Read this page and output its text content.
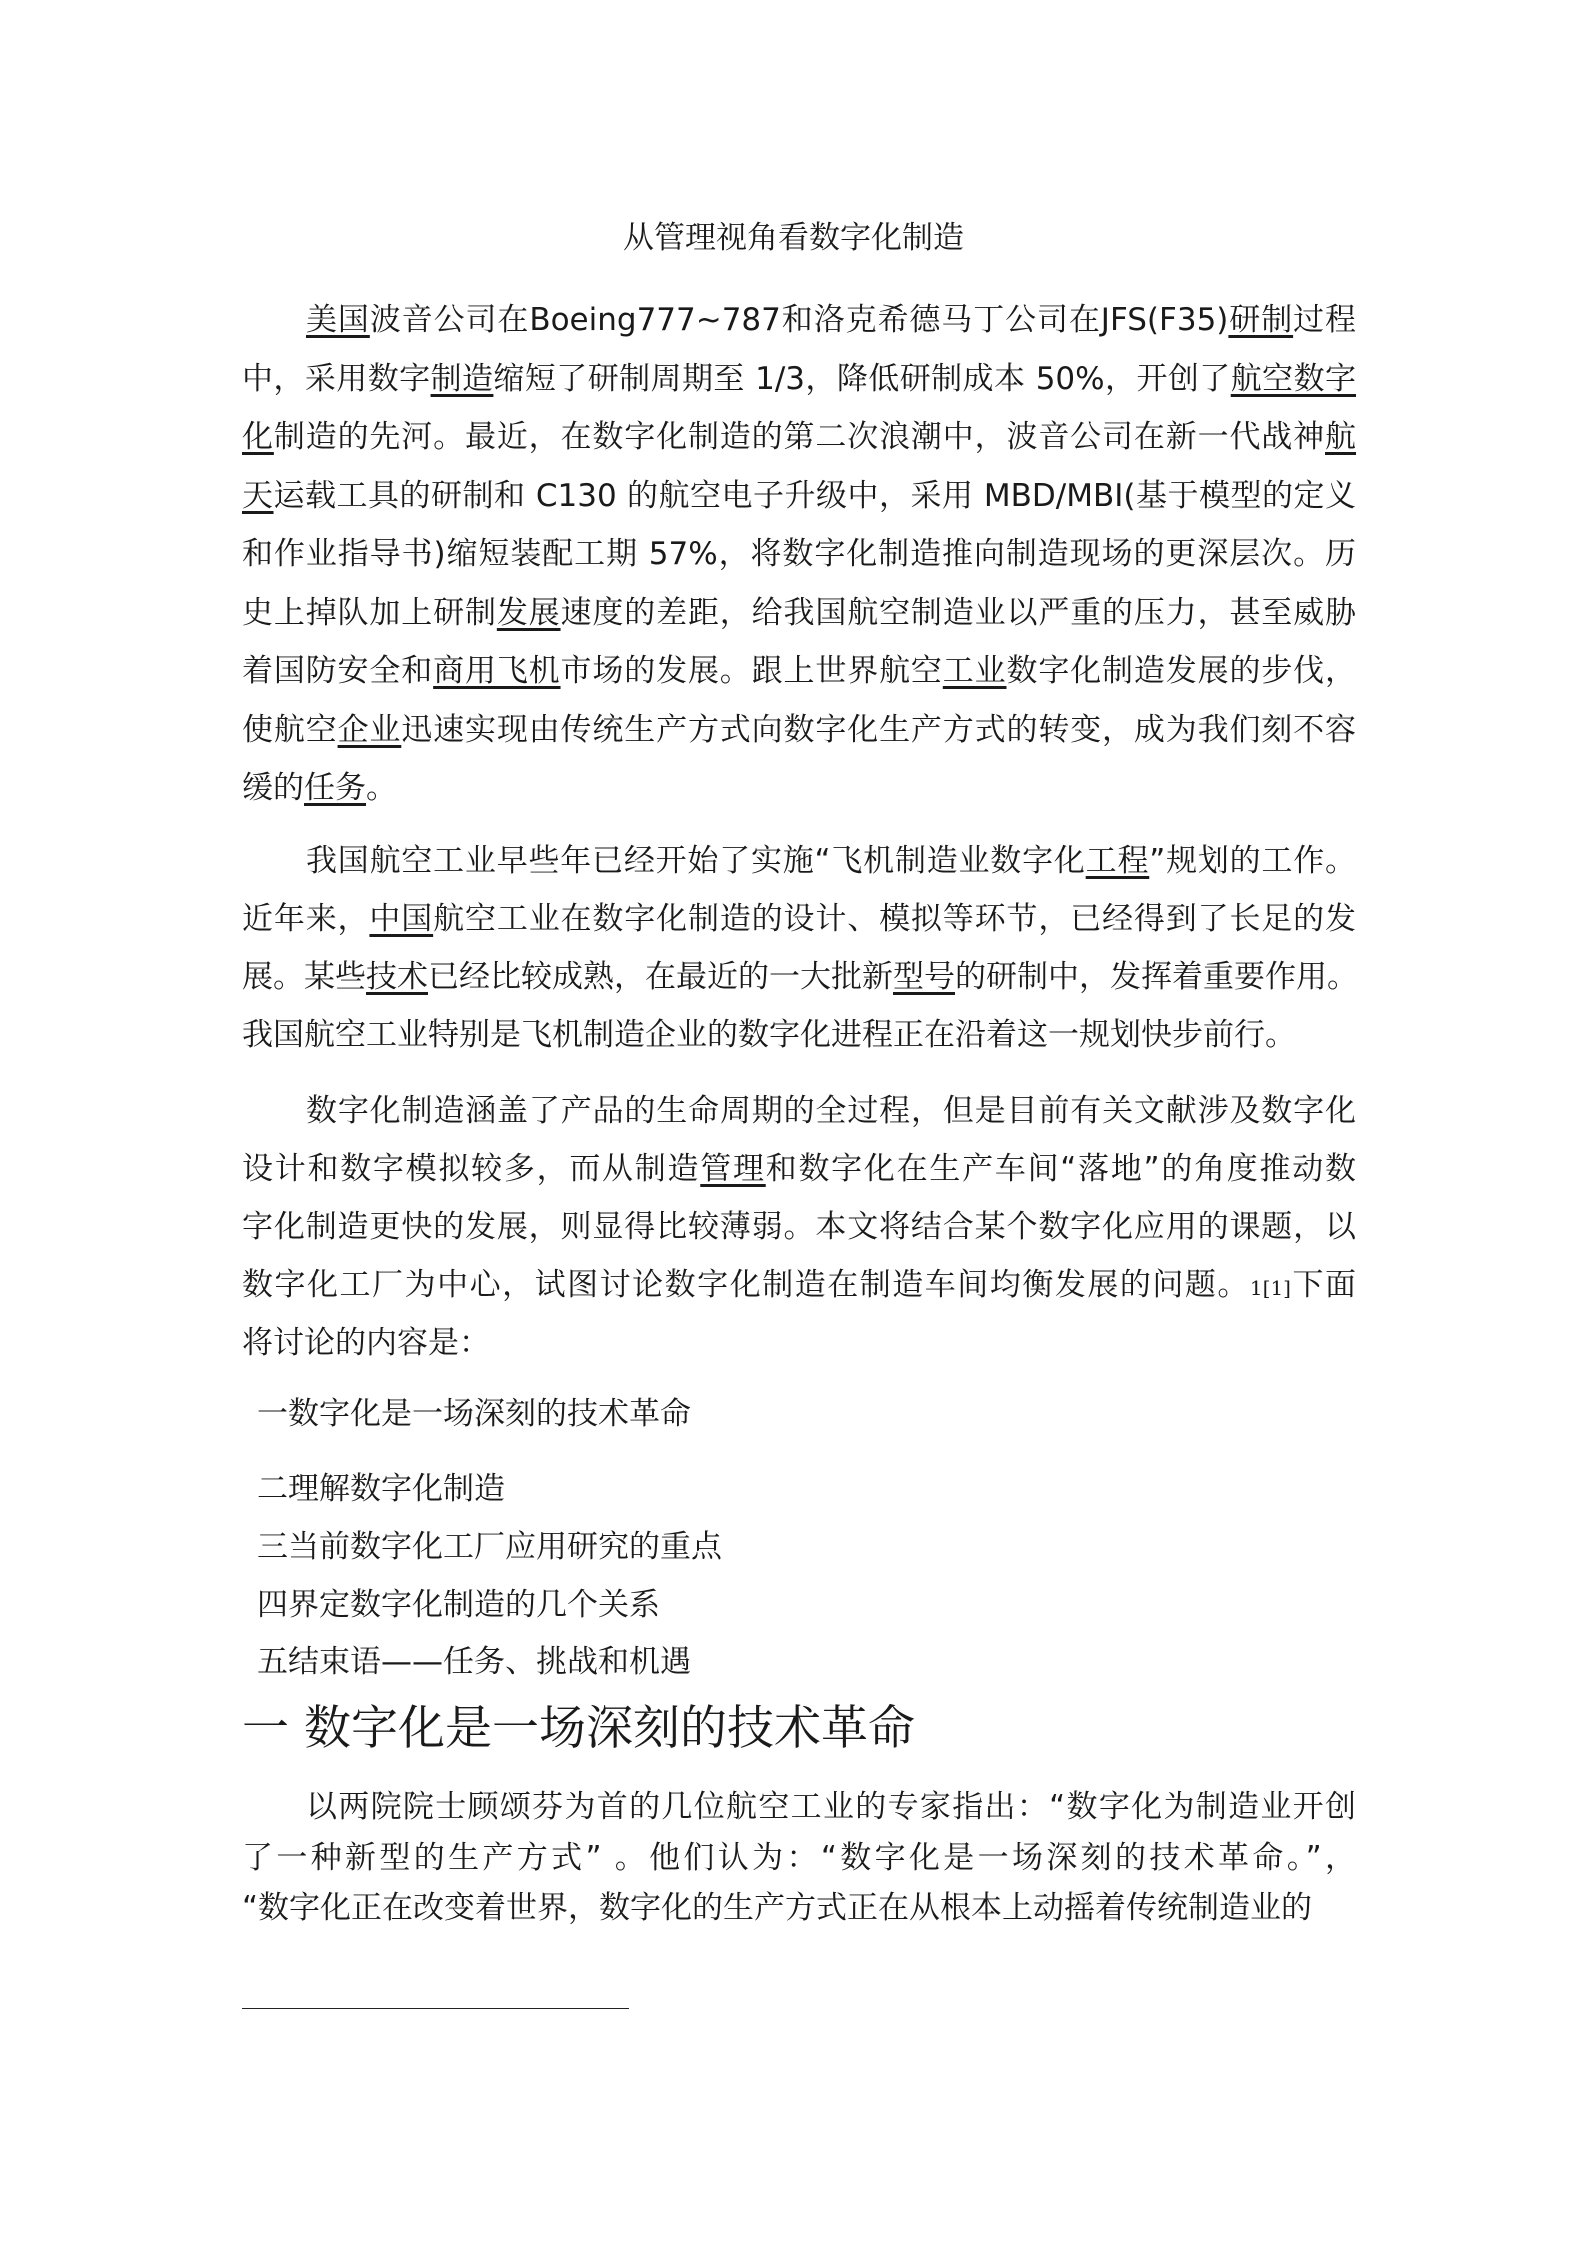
从管理视角看数字化制造
美国波音公司在Boeing777~787和洛克希德马丁公司在JFS(F35)研制过程
中，采用数字制造缩短了研制周期至 1/3，降低研制成本 50%，开创了航空数字
化制造的先河。最近，在数字化制造的第二次浪潮中，波音公司在新一代战神航
天运载工具的研制和 C130 的航空电子升级中，采用 MBD/MBI(基于模型的定义
和作业指导书)缩短装配工期 57%，将数字化制造推向制造现场的更深层次。历
史上掉队加上研制发展速度的差距，给我国航空制造业以严重的压力，甚至威胁
着国防安全和商用飞机市场的发展。跟上世界航空工业数字化制造发展的步伐，
使航空企业迅速实现由传统生产方式向数字化生产方式的转变，成为我们刻不容
缓的任务。
我国航空工业早些年已经开始了实施“飞机制造业数字化工程”规划的工作。
近年来，中国航空工业在数字化制造的设计、模拟等环节，已经得到了长足的发
展。某些技术已经比较成熟，在最近的一大批新型号的研制中，发挥着重要作用。
我国航空工业特别是飞机制造企业的数字化进程正在沿着这一规划快步前行。
数字化制造涵盖了产品的生命周期的全过程，但是目前有关文献涉及数字化
设计和数字模拟较多，而从制造管理和数字化在生产车间“落地”的角度推动数
字化制造更快的发展，则显得比较薄弱。本文将结合某个数字化应用的课题，以
数字化工厂为中心，试图讨论数字化制造在制造车间均衡发展的问题。1[1]下面
将讨论的内容是：
以两院院士顾颂芬为首的几位航空工业的专家指出：“数字化为制造业开创
了一种新型的生产方式” 。他们认为：“数字化是一场深刻的技术革命。”，
“数字化正在改变着世界，数字化的生产方式正在从根本上动摇着传统制造业的
一数字化是一场深刻的技术革命
二理解数字化制造
三当前数字化工厂应用研究的重点
四界定数字化制造的几个关系
五结束语——任务、挑战和机遇
一 数字化是一场深刻的技术革命
